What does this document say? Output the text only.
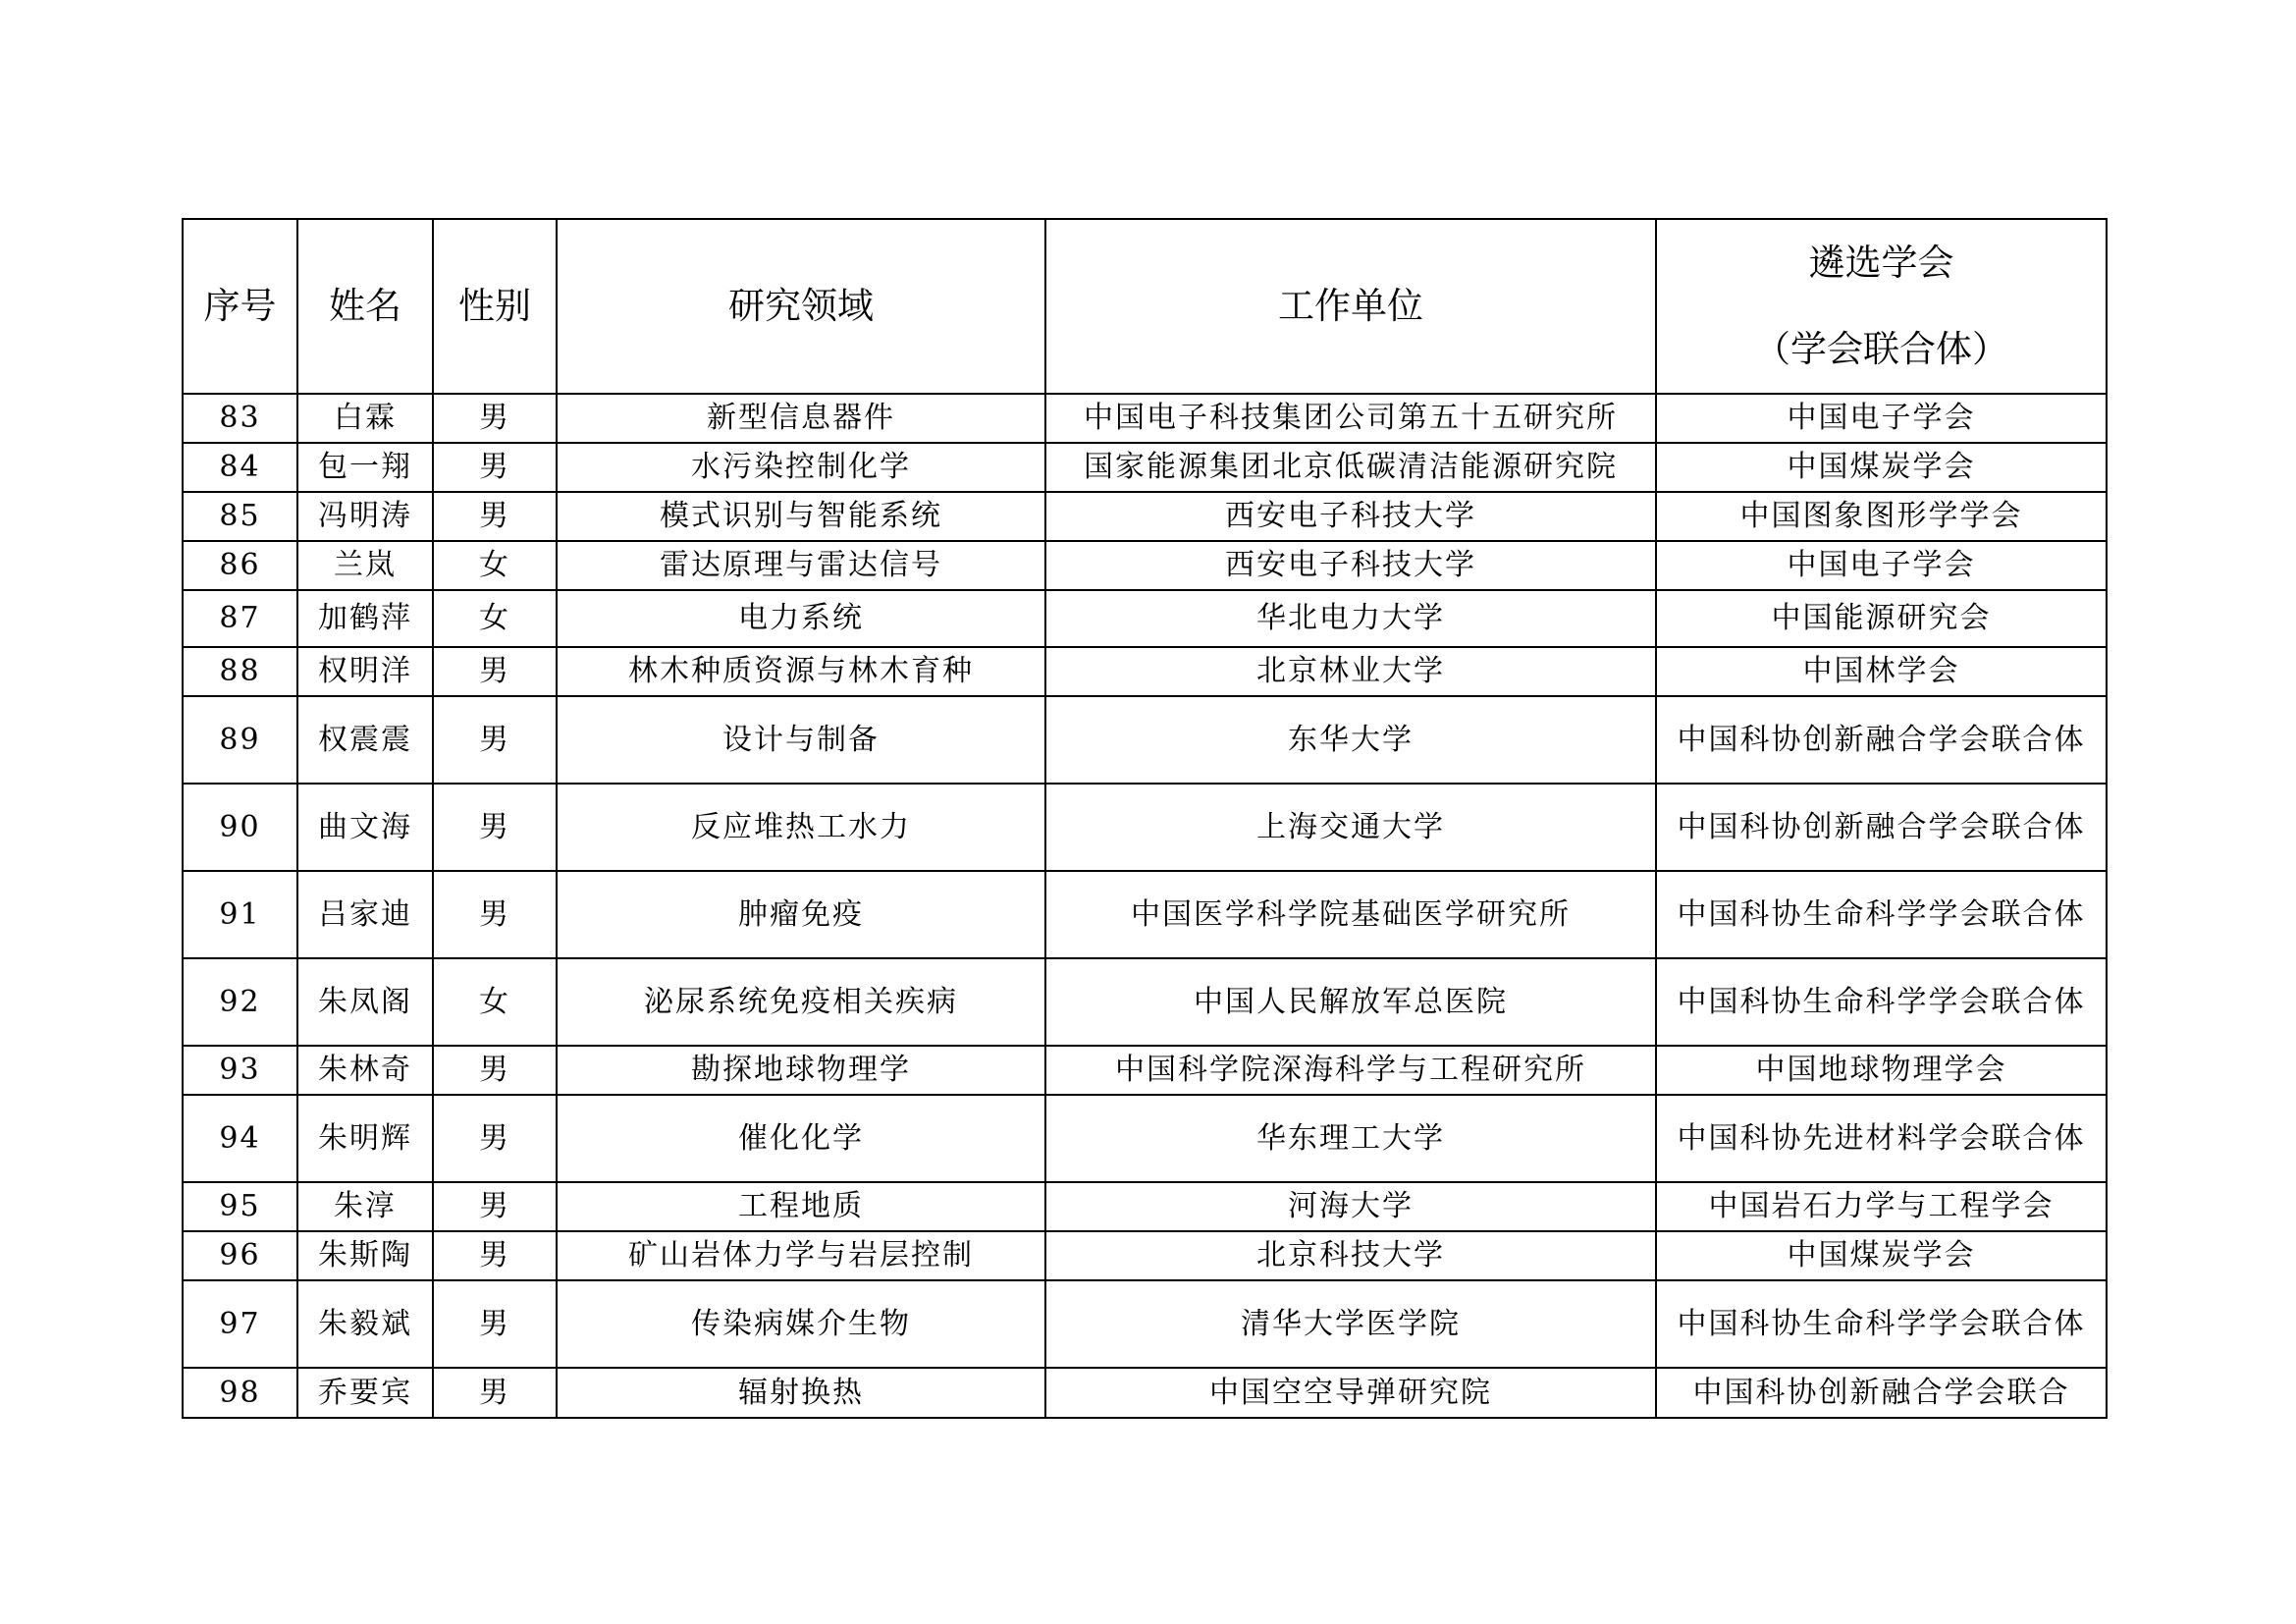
序号	姓名	性别	研究领域	工作单位	遴选学会
（学会联合体）

83	白霖	男	新型信息器件	中国电子科技集团公司第五十五研究所	中国电子学会
84	包一翔	男	水污染控制化学	国家能源集团北京低碳清洁能源研究院	中国煤炭学会
85	冯明涛	男	模式识别与智能系统	西安电子科技大学	中国图象图形学学会
86	兰岚	女	雷达原理与雷达信号	西安电子科技大学	中国电子学会
87	加鹤萍	女	电力系统	华北电力大学	中国能源研究会
88	权明洋	男	林木种质资源与林木育种	北京林业大学	中国林学会
89	权震震	男	设计与制备	东华大学	中国科协创新融合学会联合体
90	曲文海	男	反应堆热工水力	上海交通大学	中国科协创新融合学会联合体
91	吕家迪	男	肿瘤免疫	中国医学科学院基础医学研究所	中国科协生命科学学会联合体
92	朱凤阁	女	泌尿系统免疫相关疾病	中国人民解放军总医院	中国科协生命科学学会联合体
93	朱林奇	男	勘探地球物理学	中国科学院深海科学与工程研究所	中国地球物理学会
94	朱明辉	男	催化化学	华东理工大学	中国科协先进材料学会联合体
95	朱淳	男	工程地质	河海大学	中国岩石力学与工程学会
96	朱斯陶	男	矿山岩体力学与岩层控制	北京科技大学	中国煤炭学会
97	朱毅斌	男	传染病媒介生物	清华大学医学院	中国科协生命科学学会联合体
98	乔要宾	男	辐射换热	中国空空导弹研究院	中国科协创新融合学会联合
